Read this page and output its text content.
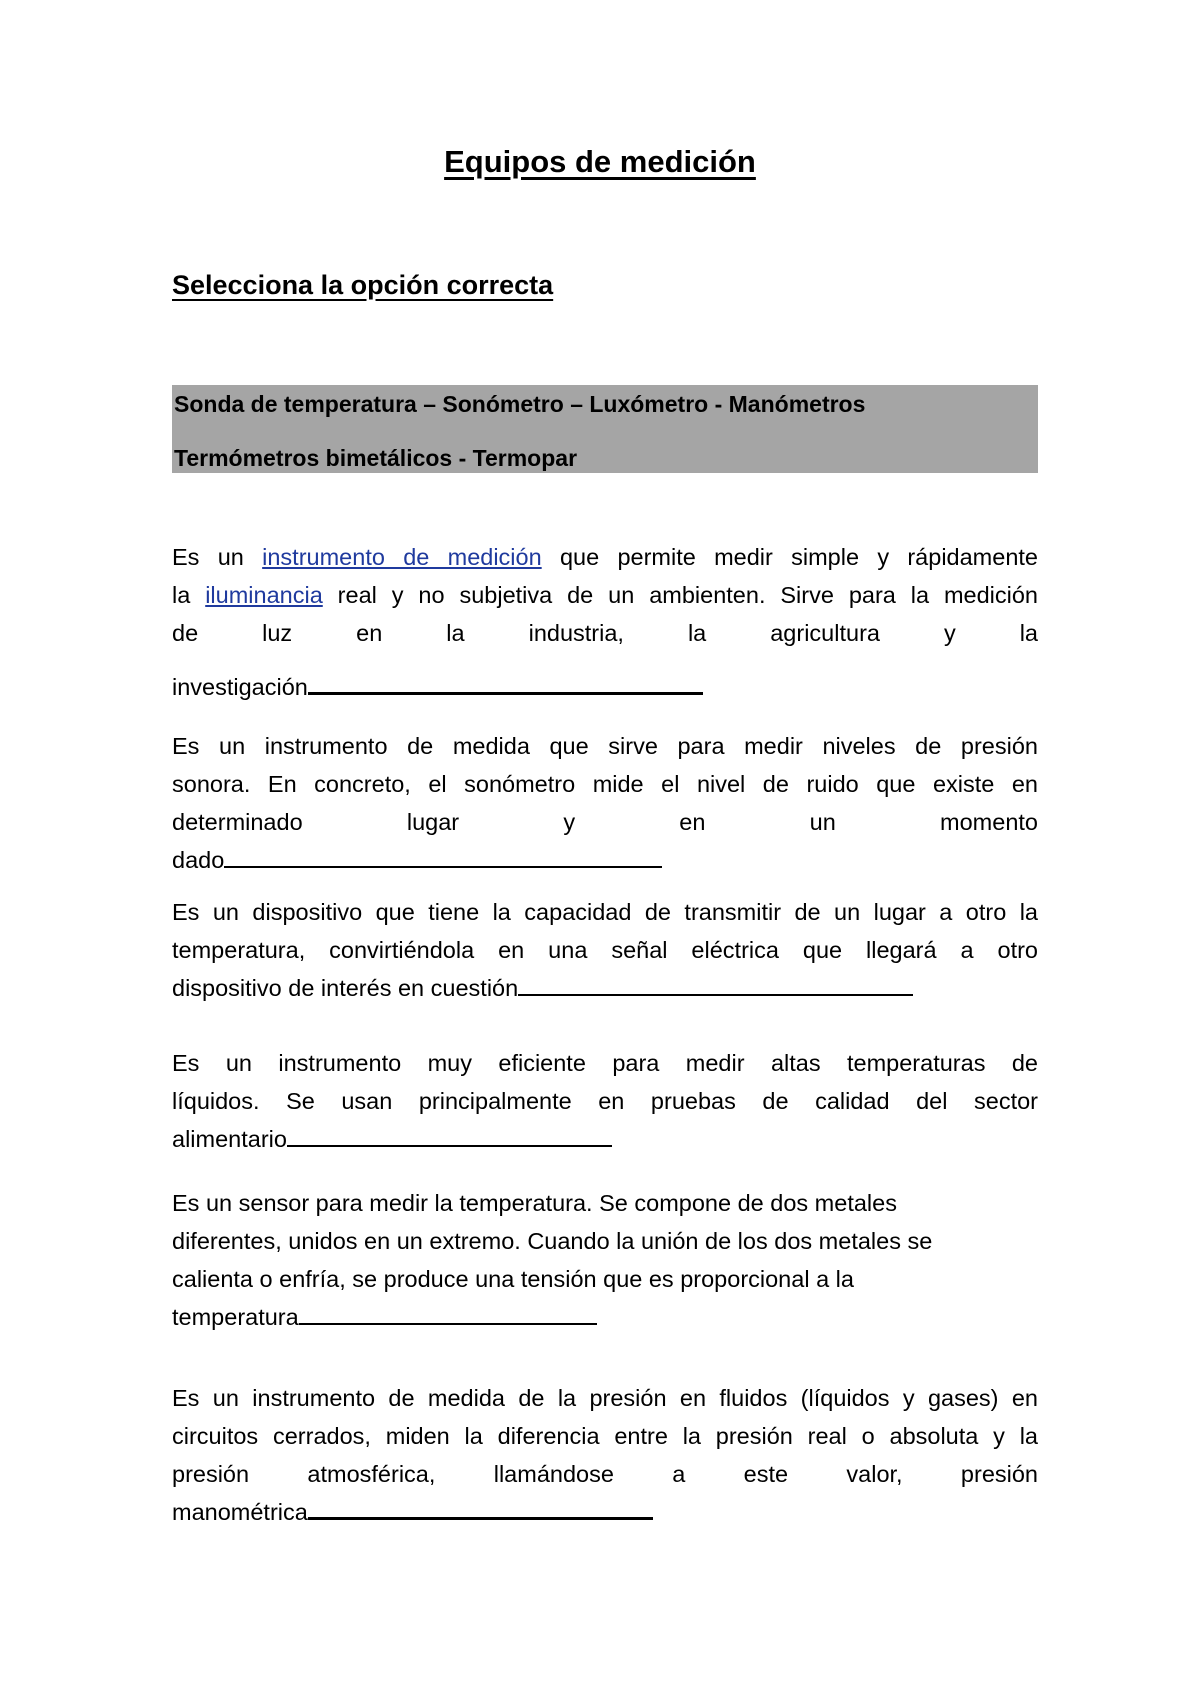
Equipos de medición
Selecciona la opción correcta
Sonda de temperatura – Sonómetro – Luxómetro - Manómetros
Termómetros bimetálicos - Termopar
Es un instrumento de medición que permite medir simple y rápidamente
la iluminancia real y no subjetiva de un ambienten. Sirve para la medición
de luz en la industria, la agricultura y la
investigación
Es un instrumento de medida que sirve para medir niveles de presión
sonora. En concreto, el sonómetro mide el nivel de ruido que existe en
determinado lugar y en un momento
dado
Es un dispositivo que tiene la capacidad de transmitir de un lugar a otro la
temperatura, convirtiéndola en una señal eléctrica que llegará a otro
dispositivo de interés en cuestión
Es un instrumento muy eficiente para medir altas temperaturas de
líquidos. Se usan principalmente en pruebas de calidad del sector
alimentario
Es un sensor para medir la temperatura. Se compone de dos metales
diferentes, unidos en un extremo. Cuando la unión de los dos metales se
calienta o enfría, se produce una tensión que es proporcional a la
temperatura
Es un instrumento de medida de la presión en fluidos (líquidos y gases) en
circuitos cerrados, miden la diferencia entre la presión real o absoluta y la
presión atmosférica, llamándose a este valor, presión
manométrica
